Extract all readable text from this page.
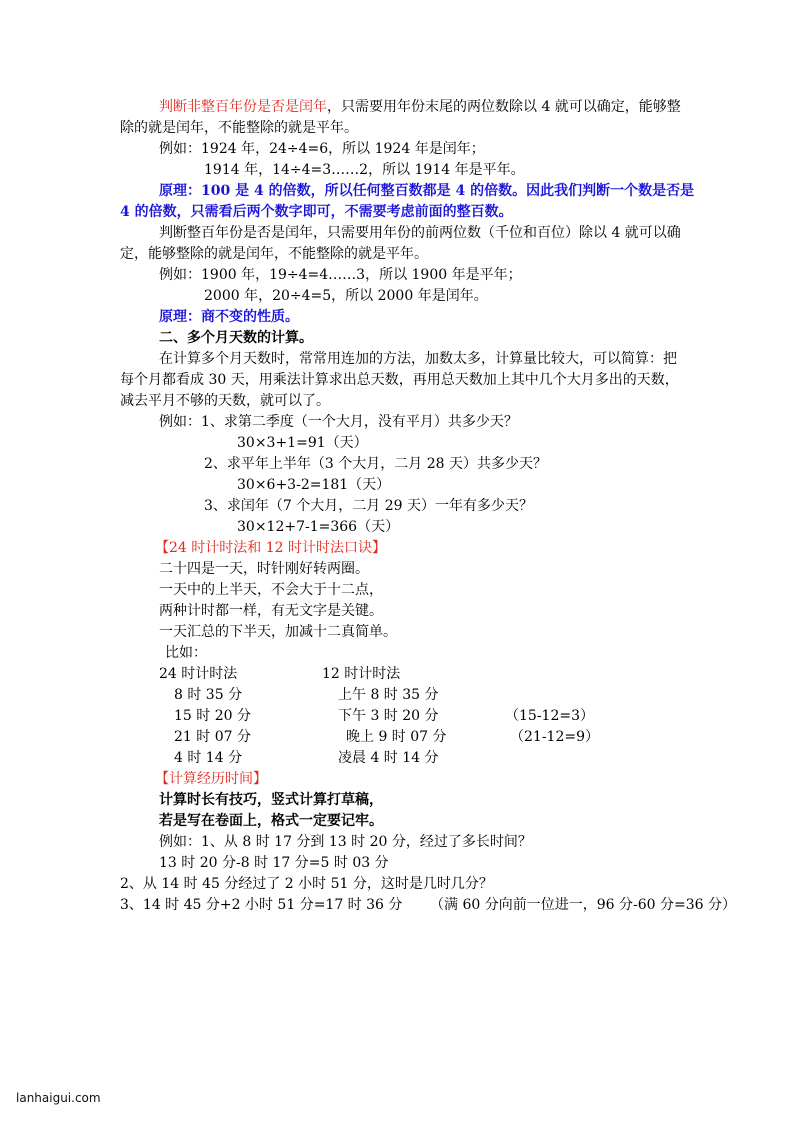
判断非整百年份是否是闰年，只需要用年份末尾的两位数除以 4 就可以确定，能够整
除的就是闰年，不能整除的就是平年。
例如：1924 年，24÷4=6，所以 1924 年是闰年；
1914 年，14÷4=3……2，所以 1914 年是平年。
原理：100 是 4 的倍数，所以任何整百数都是 4 的倍数。因此我们判断一个数是否是
4 的倍数，只需看后两个数字即可，不需要考虑前面的整百数。
判断整百年份是否是闰年，只需要用年份的前两位数（千位和百位）除以 4 就可以确
定，能够整除的就是闰年，不能整除的就是平年。
例如：1900 年，19÷4=4……3，所以 1900 年是平年；
2000 年，20÷4=5，所以 2000 年是闰年。
原理：商不变的性质。
二、多个月天数的计算。
在计算多个月天数时，常常用连加的方法，加数太多，计算量比较大，可以简算：把
每个月都看成 30 天，用乘法计算求出总天数，再用总天数加上其中几个大月多出的天数，
减去平月不够的天数，就可以了。
例如：1、求第二季度（一个大月，没有平月）共多少天？
30×3+1=91（天）
2、求平年上半年（3 个大月，二月 28 天）共多少天？
30×6+3-2=181（天）
3、求闰年（7 个大月，二月 29 天）一年有多少天？
30×12+7-1=366（天）
【24 时计时法和 12 时计时法口诀】
二十四是一天，时针刚好转两圈。
一天中的上半天，不会大于十二点，
两种计时都一样，有无文字是关键。
一天汇总的下半天，加减十二真简单。
比如：
24 时计时法	12 时计时法
8 时 35 分	上午 8 时 35 分
15 时 20 分	下午 3 时 20 分	（15-12=3）
21 时 07 分	晚上 9 时 07 分	（21-12=9）
4 时 14 分	凌晨 4 时 14 分
【计算经历时间】
计算时长有技巧，竖式计算打草稿，
若是写在卷面上，格式一定要记牢。
例如：1、从 8 时 17 分到 13 时 20 分，经过了多长时间？
13 时 20 分-8 时 17 分=5 时 03 分
2、从 14 时 45 分经过了 2 小时 51 分，这时是几时几分？
3、14 时 45 分+2 小时 51 分=17 时 36 分 （满 60 分向前一位进一，96 分-60 分=36 分）
lanhaigui.com
